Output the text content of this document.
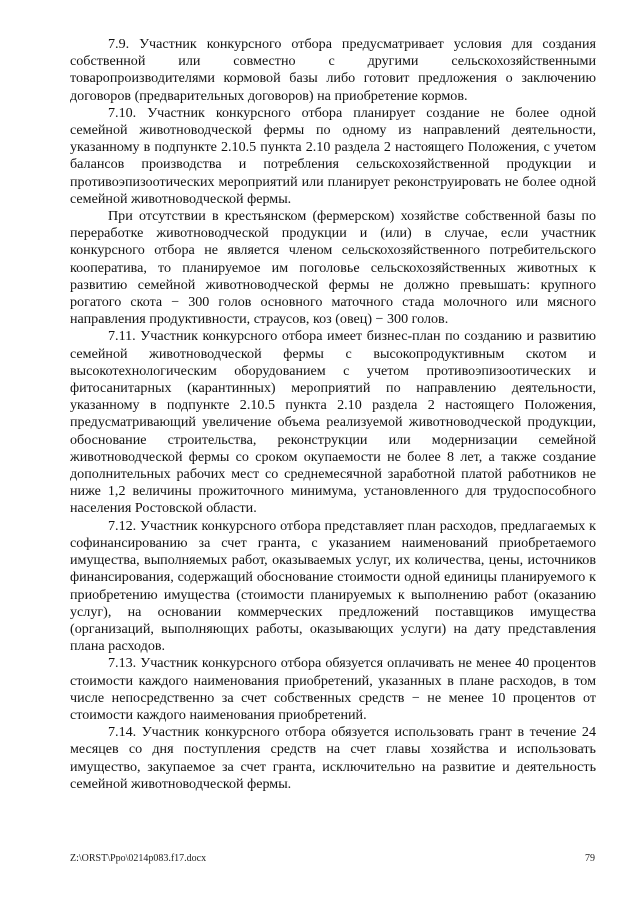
7.9. Участник конкурсного отбора предусматривает условия для создания собственной или совместно с другими сельскохозяйственными товаропроизводителями кормовой базы либо готовит предложения о заключению договоров (предварительных договоров) на приобретение кормов.

7.10. Участник конкурсного отбора планирует создание не более одной семейной животноводческой фермы по одному из направлений деятельности, указанному в подпункте 2.10.5 пункта 2.10 раздела 2 настоящего Положения, с учетом балансов производства и потребления сельскохозяйственной продукции и противоэпизоотических мероприятий или планирует реконструировать не более одной семейной животноводческой фермы.

При отсутствии в крестьянском (фермерском) хозяйстве собственной базы по переработке животноводческой продукции и (или) в случае, если участник конкурсного отбора не является членом сельскохозяйственного потребительского кооператива, то планируемое им поголовье сельскохозяйственных животных к развитию семейной животноводческой фермы не должно превышать: крупного рогатого скота − 300 голов основного маточного стада молочного или мясного направления продуктивности, страусов, коз (овец) − 300 голов.

7.11. Участник конкурсного отбора имеет бизнес-план по созданию и развитию семейной животноводческой фермы с высокопродуктивным скотом и высокотехнологическим оборудованием с учетом противоэпизоотических и фитосанитарных (карантинных) мероприятий по направлению деятельности, указанному в подпункте 2.10.5 пункта 2.10 раздела 2 настоящего Положения, предусматривающий увеличение объема реализуемой животноводческой продукции, обоснование строительства, реконструкции или модернизации семейной животноводческой фермы со сроком окупаемости не более 8 лет, а также создание дополнительных рабочих мест со среднемесячной заработной платой работников не ниже 1,2 величины прожиточного минимума, установленного для трудоспособного населения Ростовской области.

7.12. Участник конкурсного отбора представляет план расходов, предлагаемых к софинансированию за счет гранта, с указанием наименований приобретаемого имущества, выполняемых работ, оказываемых услуг, их количества, цены, источников финансирования, содержащий обоснование стоимости одной единицы планируемого к приобретению имущества (стоимости планируемых к выполнению работ (оказанию услуг), на основании коммерческих предложений поставщиков имущества (организаций, выполняющих работы, оказывающих услуги) на дату представления плана расходов.

7.13. Участник конкурсного отбора обязуется оплачивать не менее 40 процентов стоимости каждого наименования приобретений, указанных в плане расходов, в том числе непосредственно за счет собственных средств − не менее 10 процентов от стоимости каждого наименования приобретений.

7.14. Участник конкурсного отбора обязуется использовать грант в течение 24 месяцев со дня поступления средств на счет главы хозяйства и использовать имущество, закупаемое за счет гранта, исключительно на развитие и деятельность семейной животноводческой фермы.

Z:\ORST\Ppo\0214p083.f17.docx	79
